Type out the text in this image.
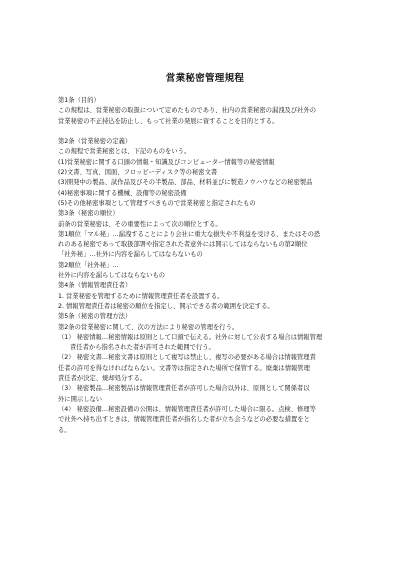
営業秘密管理規程
第1条（目的）
この規程は、営業秘密の取扱について定めたものであり、社内の営業秘密の漏洩及び社外の
営業秘密の不正持込を防止し、もって社業の発展に資することを目的とする。
第2条（営業秘密の定義）
この規程で営業秘密とは、下記のものをいう。
(1)営業秘密に関する口頭の情報・知識及びコンピューター情報等の秘密情報
(2)文書、写真、図面、フロッピーディスク等の秘密文書
(3)開発中の製品、試作品及びその半製品、部品、材料並びに製造ノウハウなどの秘密製品
(4)秘密事項に関する機械、設備等の秘密設備
(5)その他秘密事項として管理すべきもので営業秘密と指定されたもの
第3条（秘密の順位）
前条の営業秘密は、その重要性によって次の順位とする。
第1順位「マル秘」…漏洩することにより会社に重大な損失や不利益を受ける、またはその恐
れのある秘密であって取扱部署や指定された者意外には開示してはならないもの第2順位
「社外秘」…社外に内容を漏らしてはならないもの
第2順位「社外秘」…
社外に内容を漏らしてはならないもの
第4条（情報管理責任者）
1. 営業秘密を管理するために情報管理責任者を設置する。
2. 情報管理責任者は秘密の順位を指定し、開示できる者の範囲を決定する。
第5条（秘密の管理方法）
第2条の営業秘密に関して、次の方法により秘密の管理を行う。
（1） 秘密情報…秘密情報は原則として口頭で伝える。社外に対して公表する場合は情報管理
責任者から指名された者が許可された範囲で行う。
（2） 秘密文書…秘密文書は原則として複写は禁止し、複写の必要がある場合は情報管理責
任者の許可を得なければならない。文書等は指定された場所で保管する。廃棄は情報管理
責任者が決定、焼却処分する。
（3） 秘密製品…秘密製品は情報管理責任者が許可した場合以外は、原則として関係者以
外に開示しない
（4） 秘密設備…秘密設備の公開は、情報管理責任者が許可した場合に限る。点検、修理等
で社外へ持ち出すときは、情報管理責任者が指名した者が立ち会うなどの必要な措置をと
る。
